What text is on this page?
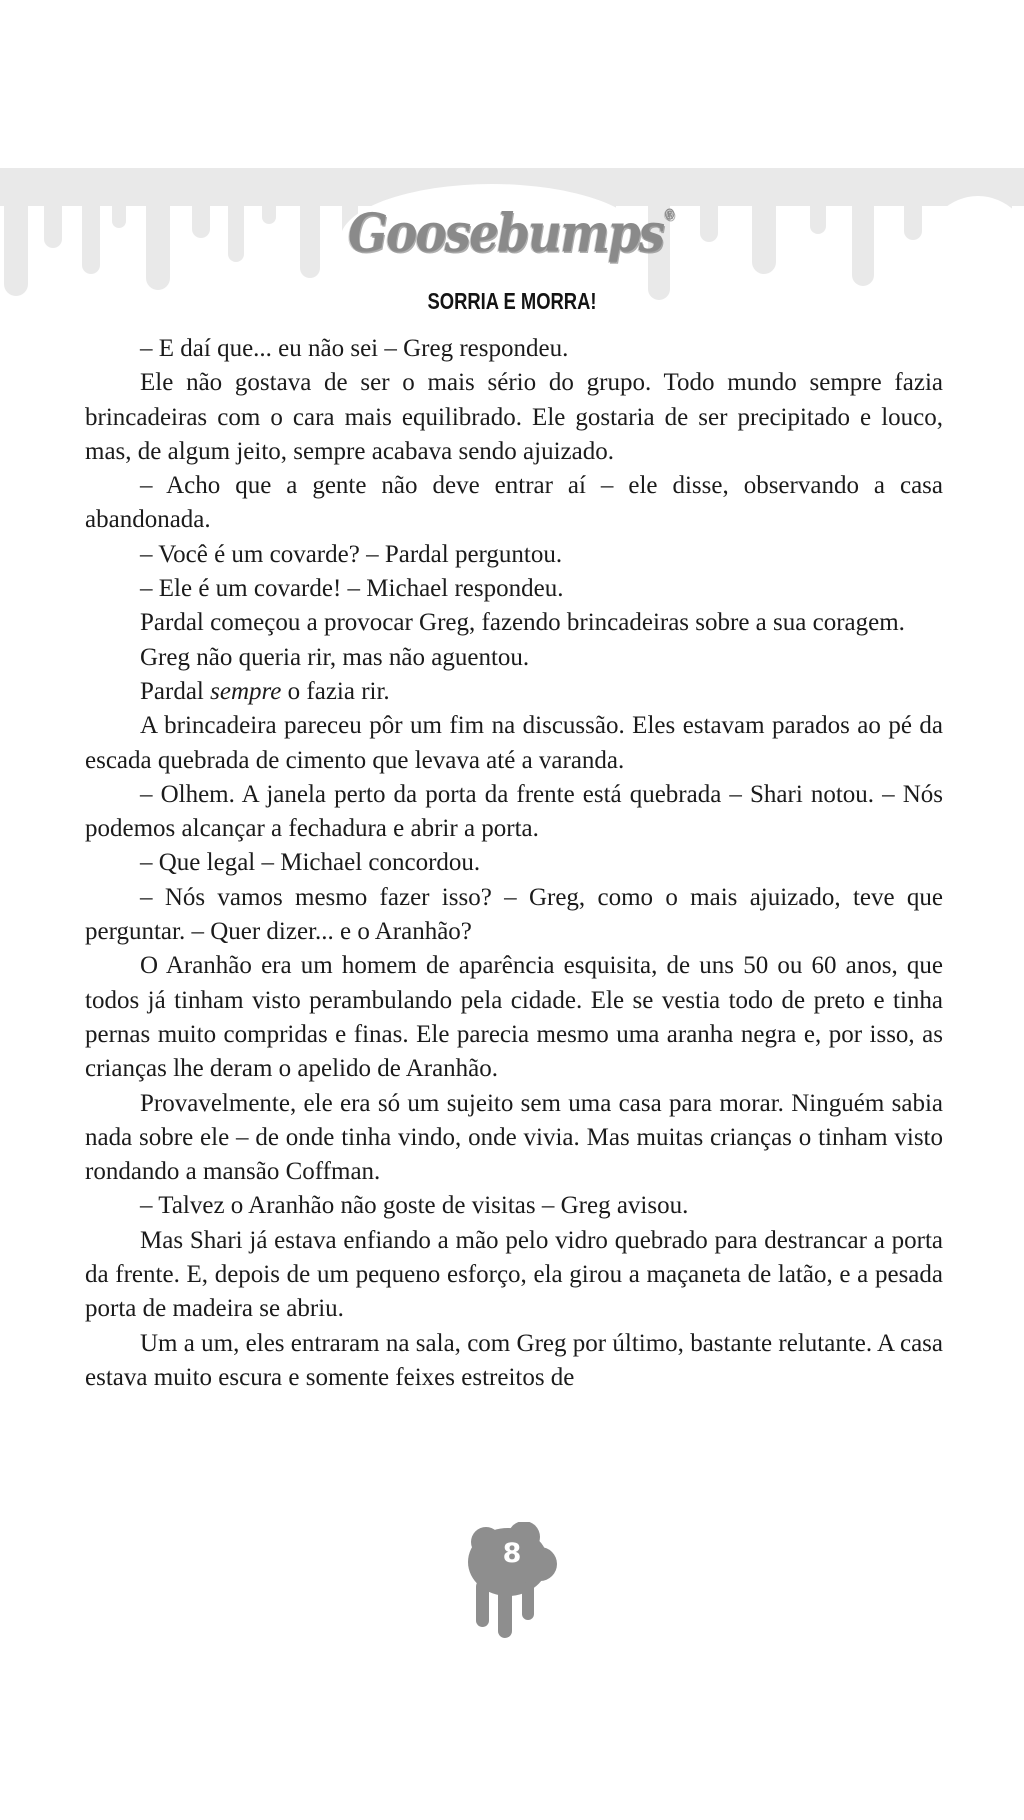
Goosebumps®
SORRIA E MORRA!

– E daí que... eu não sei – Greg respondeu.

Ele não gostava de ser o mais sério do grupo. Todo mundo sempre fazia brincadeiras com o cara mais equilibrado. Ele gostaria de ser precipitado e louco, mas, de algum jeito, sempre acabava sendo ajuizado.

– Acho que a gente não deve entrar aí – ele disse, observando a casa abandonada.

– Você é um covarde? – Pardal perguntou.

– Ele é um covarde! – Michael respondeu.

Pardal começou a provocar Greg, fazendo brincadeiras sobre a sua coragem.

Greg não queria rir, mas não aguentou.

Pardal sempre o fazia rir.

A brincadeira pareceu pôr um fim na discussão. Eles estavam parados ao pé da escada quebrada de cimento que levava até a varanda.

– Olhem. A janela perto da porta da frente está quebrada – Shari notou. – Nós podemos alcançar a fechadura e abrir a porta.

– Que legal – Michael concordou.

– Nós vamos mesmo fazer isso? – Greg, como o mais ajuizado, teve que perguntar. – Quer dizer... e o Aranhão?

O Aranhão era um homem de aparência esquisita, de uns 50 ou 60 anos, que todos já tinham visto perambulando pela cidade. Ele se vestia todo de preto e tinha pernas muito compridas e finas. Ele parecia mesmo uma aranha negra e, por isso, as crianças lhe deram o apelido de Aranhão.

Provavelmente, ele era só um sujeito sem uma casa para morar. Ninguém sabia nada sobre ele – de onde tinha vindo, onde vivia. Mas muitas crianças o tinham visto rondando a mansão Coffman.

– Talvez o Aranhão não goste de visitas – Greg avisou.

Mas Shari já estava enfiando a mão pelo vidro quebrado para destrancar a porta da frente. E, depois de um pequeno esforço, ela girou a maçaneta de latão, e a pesada porta de madeira se abriu.

Um a um, eles entraram na sala, com Greg por último, bastante relutante. A casa estava muito escura e somente feixes estreitos de

8
